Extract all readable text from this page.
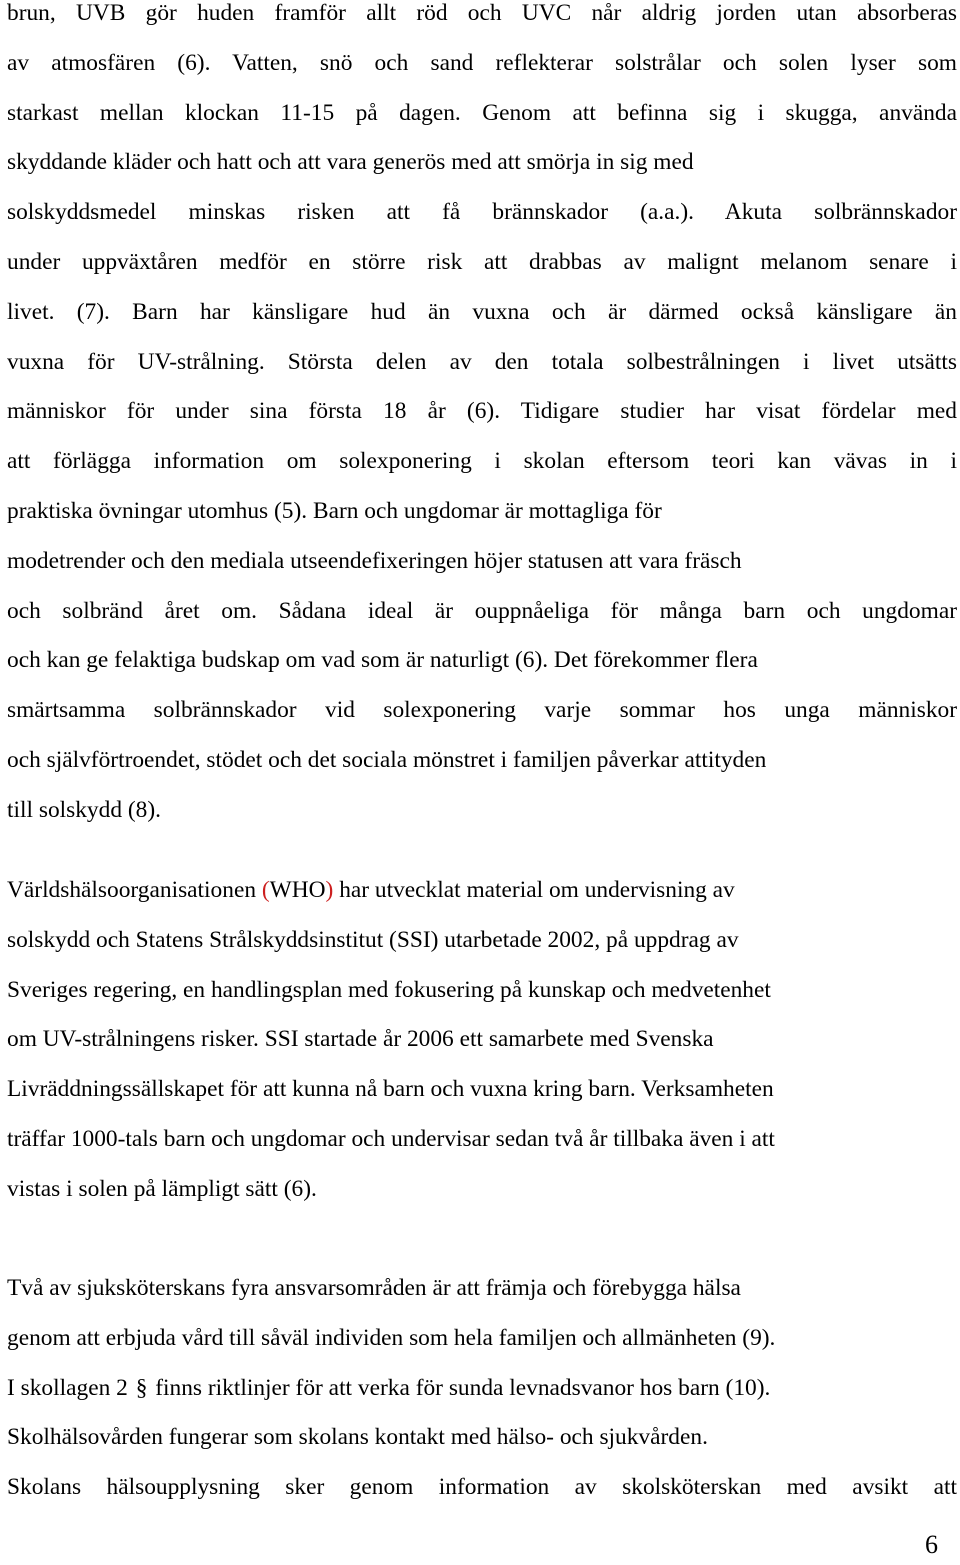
brun, UVB gör huden framför allt röd och UVC når aldrig jorden utan absorberas
av atmosfären (6). Vatten, snö och sand reflekterar solstrålar och solen lyser som
starkast mellan klockan 11-15 på dagen. Genom att befinna sig i skugga, använda
skyddande kläder och hatt och att vara generös med att smörja in sig med
solskyddsmedel minskas risken att få brännskador (a.a.). Akuta solbrännskador
under uppväxtåren medför en större risk att drabbas av malignt melanom senare i
livet. (7). Barn har känsligare hud än vuxna och är därmed också känsligare än
vuxna för UV-strålning. Största delen av den totala solbestrålningen i livet utsätts
människor för under sina första 18 år (6). Tidigare studier har visat fördelar med
att förlägga information om solexponering i skolan eftersom teori kan vävas in i
praktiska övningar utomhus (5). Barn och ungdomar är mottagliga för
modetrender och den mediala utseendefixeringen höjer statusen att vara fräsch
och solbränd året om. Sådana ideal är ouppnåeliga för många barn och ungdomar
och kan ge felaktiga budskap om vad som är naturligt (6). Det förekommer flera
smärtsamma solbrännskador vid solexponering varje sommar hos unga människor
och självförtroendet, stödet och det sociala mönstret i familjen påverkar attityden
till solskydd (8).
Världshälsoorganisationen (WHO) har utvecklat material om undervisning av
solskydd och Statens Strålskyddsinstitut (SSI) utarbetade 2002, på uppdrag av
Sveriges regering, en handlingsplan med fokusering på kunskap och medvetenhet
om UV-strålningens risker. SSI startade år 2006 ett samarbete med Svenska
Livräddningssällskapet för att kunna nå barn och vuxna kring barn. Verksamheten
träffar 1000-tals barn och ungdomar och undervisar sedan två år tillbaka även i att
vistas i solen på lämpligt sätt (6).
Två av sjuksköterskans fyra ansvarsområden är att främja och förebygga hälsa
genom att erbjuda vård till såväl individen som hela familjen och allmänheten (9).
I skollagen 2 § finns riktlinjer för att verka för sunda levnadsvanor hos barn (10).
Skolhälsovården fungerar som skolans kontakt med hälso- och sjukvården.
Skolans hälsoupplysning sker genom information av skolsköterskan med avsikt att
6
